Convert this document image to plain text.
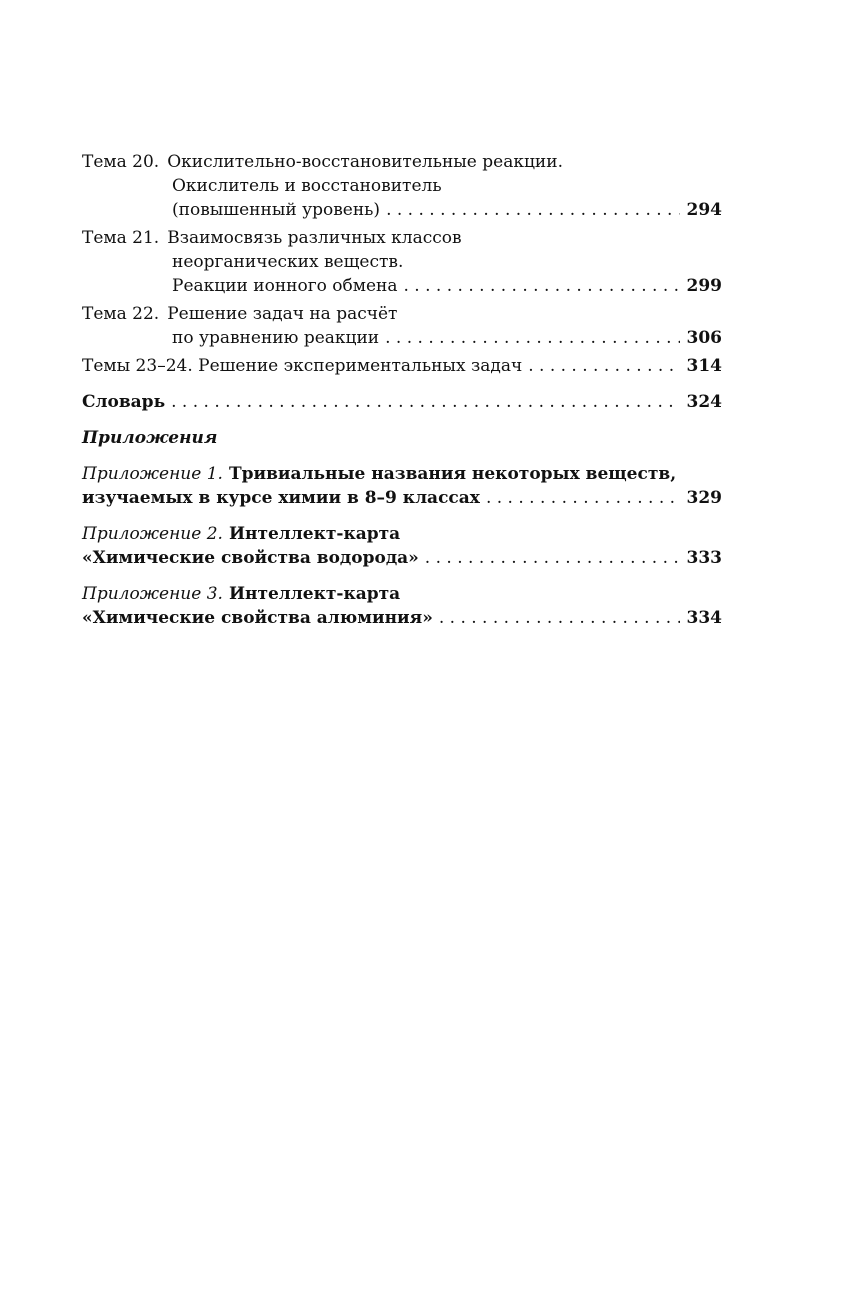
Тема 20. Окислительно-восстановительные реакции.
Окислитель и восстановитель
(повышенный уровень) . . .	294
Тема 21. Взаимосвязь различных классов
неорганических веществ.
Реакции ионного обмена . . .	299
Тема 22. Решение задач на расчёт
по уравнению реакции . . .	306
Темы 23–24. Решение экспериментальных задач . . .	314
Словарь . . .	324
Приложения
Приложение 1. Тривиальные названия некоторых веществ,
изучаемых в курсе химии в 8–9 классах . . .	329
Приложение 2. Интеллект-карта
«Химические свойства водорода» . . .	333
Приложение 3. Интеллект-карта
«Химические свойства алюминия» . . .	334
